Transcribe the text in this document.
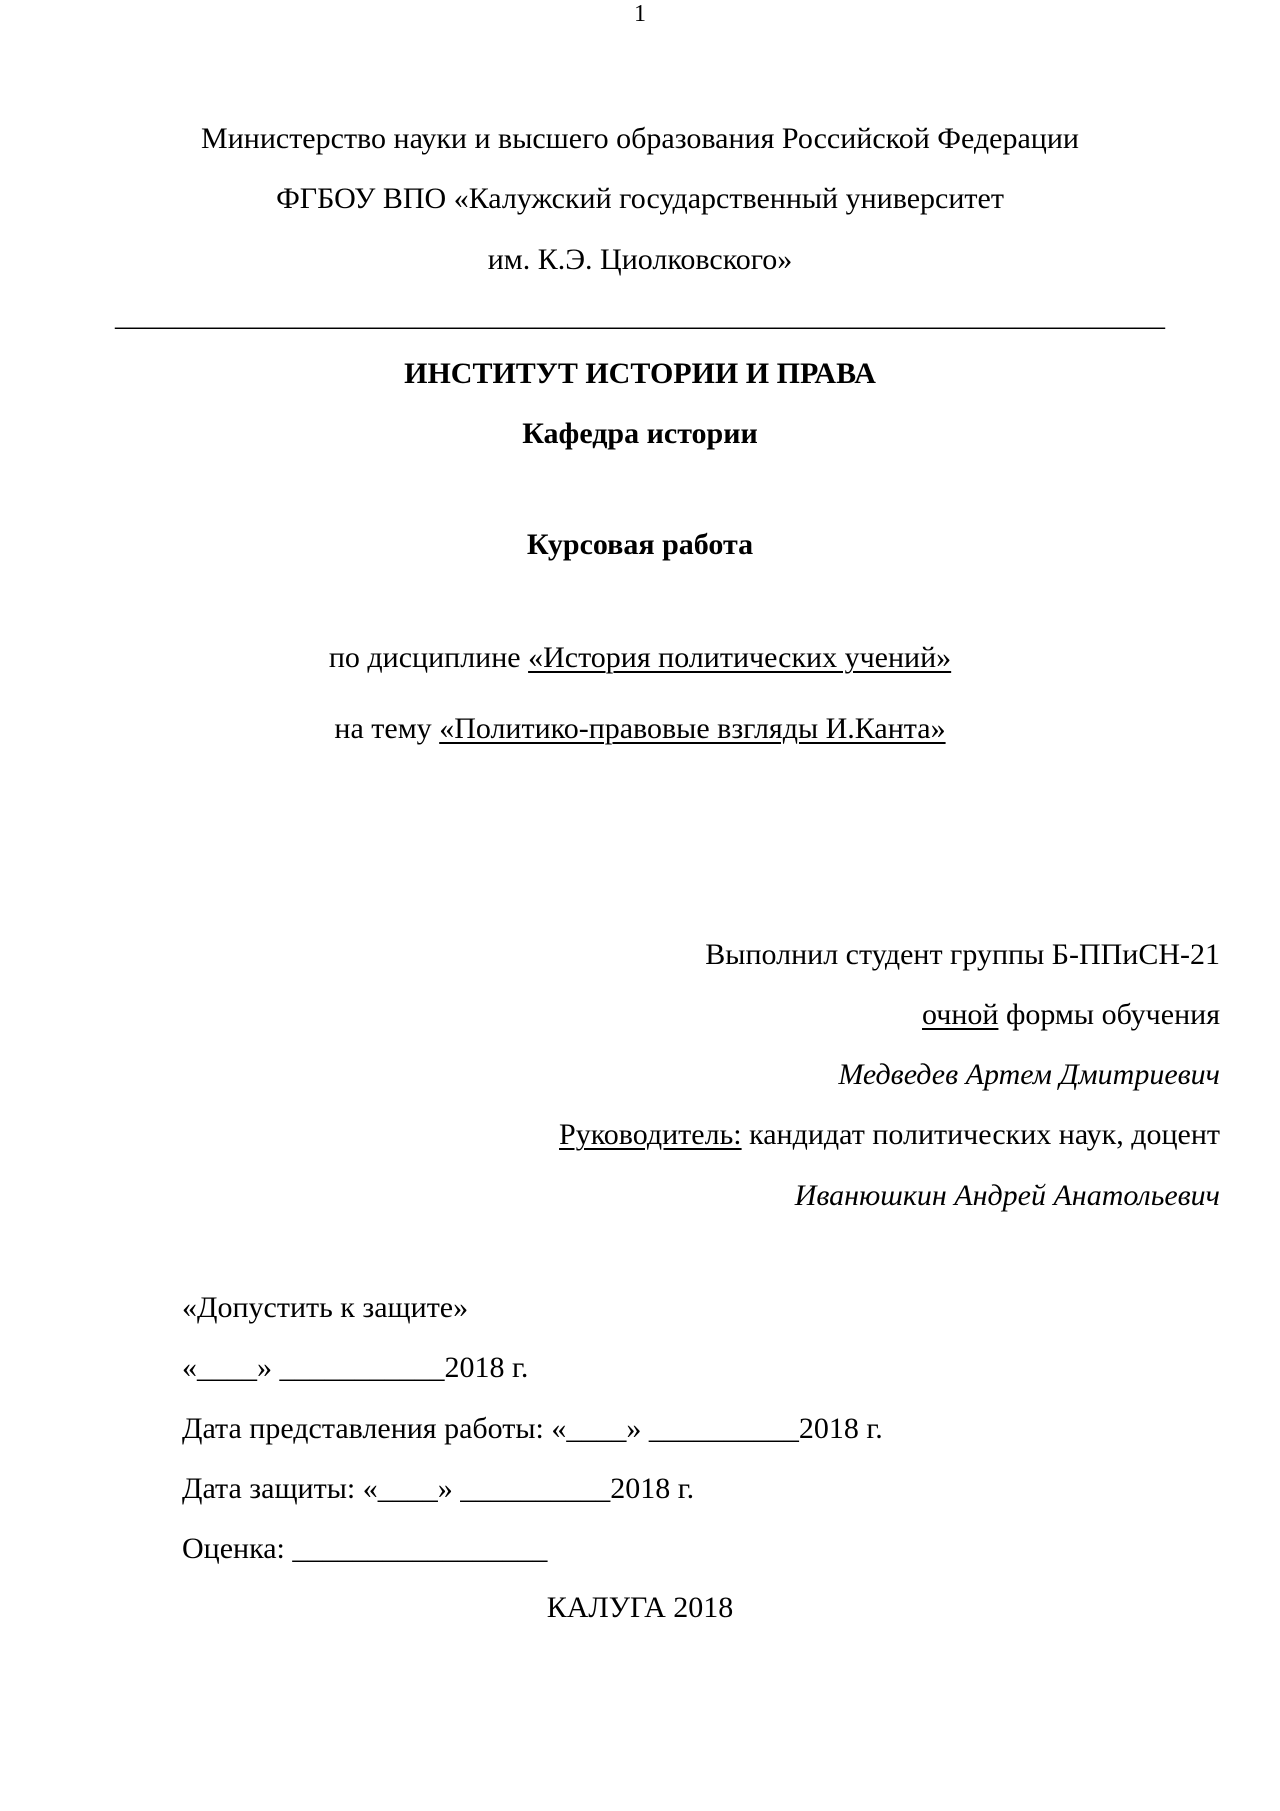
1
Министерство науки и высшего образования Российской Федерации
ФГБОУ ВПО «Калужский государственный университет
им. К.Э. Циолковского»
______________________________________________________________________
ИНСТИТУТ ИСТОРИИ И ПРАВА
Кафедра истории
Курсовая работа
по дисциплине «История политических учений»
на тему «Политико-правовые взгляды И.Канта»
Выполнил студент группы Б-ППиСН-21
очной формы обучения
Медведев Артем Дмитриевич
Руководитель: кандидат политических наук, доцент
Иванюшкин Андрей Анатольевич
«Допустить к защите»
«____» ___________2018 г.
Дата представления работы: «____» __________2018 г.
Дата защиты: «____» __________2018 г.
Оценка: _________________
КАЛУГА 2018
